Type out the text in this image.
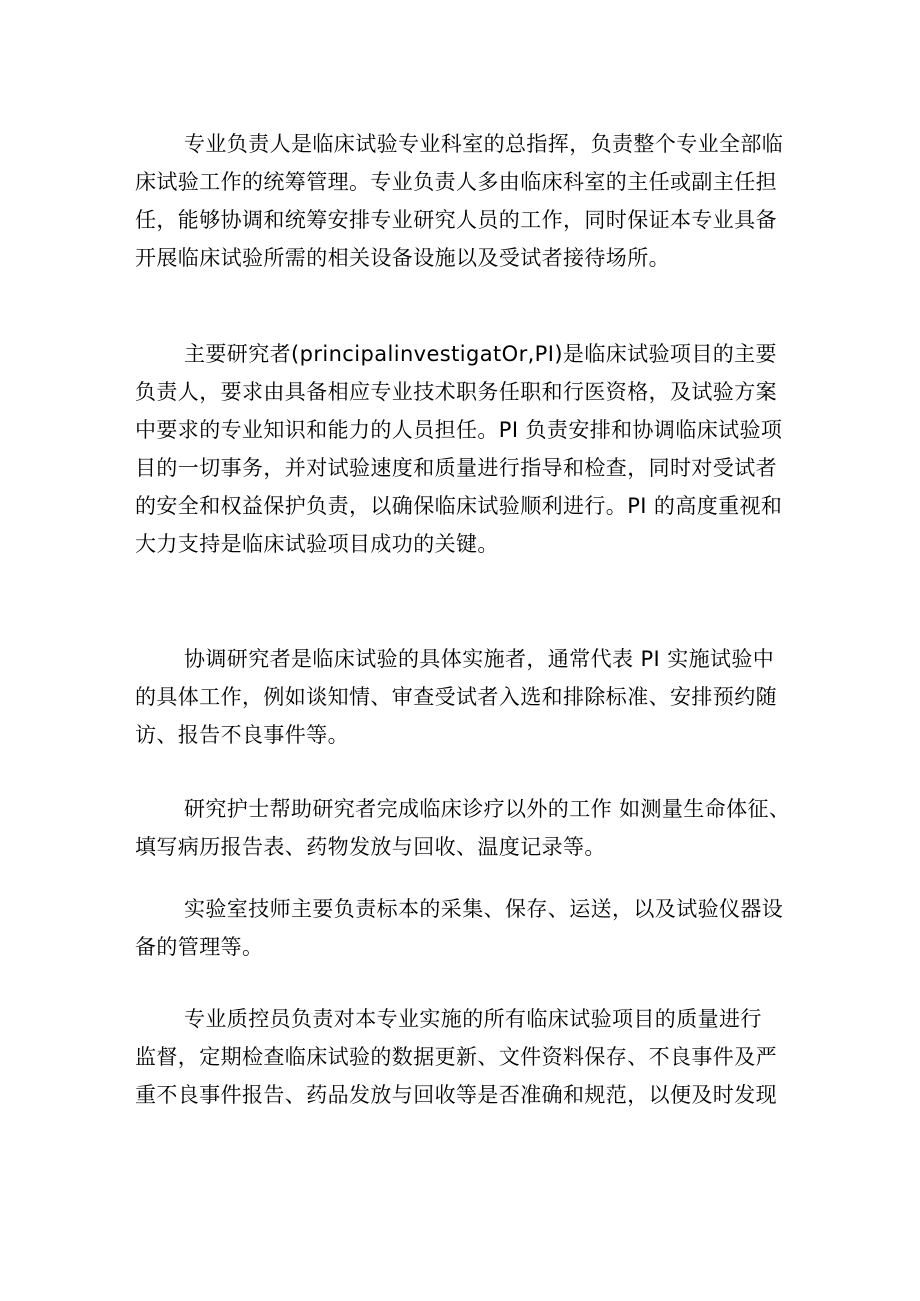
专业负责人是临床试验专业科室的总指挥，负责整个专业全部临
床试验工作的统筹管理。专业负责人多由临床科室的主任或副主任担
任，能够协调和统筹安排专业研究人员的工作，同时保证本专业具备
开展临床试验所需的相关设备设施以及受试者接待场所。
主要研究者(principalinvestigatOr,PI)是临床试验项目的主要
负责人，要求由具备相应专业技术职务任职和行医资格，及试验方案
中要求的专业知识和能力的人员担任。PI 负责安排和协调临床试验项
目的一切事务，并对试验速度和质量进行指导和检查，同时对受试者
的安全和权益保护负责，以确保临床试验顺利进行。PI 的高度重视和
大力支持是临床试验项目成功的关键。
协调研究者是临床试验的具体实施者，通常代表 PI 实施试验中
的具体工作，例如谈知情、审查受试者入选和排除标准、安排预约随
访、报告不良事件等。
研究护士帮助研究者完成临床诊疗以外的工作 如测量生命体征、
填写病历报告表、药物发放与回收、温度记录等。
实验室技师主要负责标本的采集、保存、运送，以及试验仪器设
备的管理等。
专业质控员负责对本专业实施的所有临床试验项目的质量进行
监督，定期检查临床试验的数据更新、文件资料保存、不良事件及严
重不良事件报告、药品发放与回收等是否准确和规范，以便及时发现
